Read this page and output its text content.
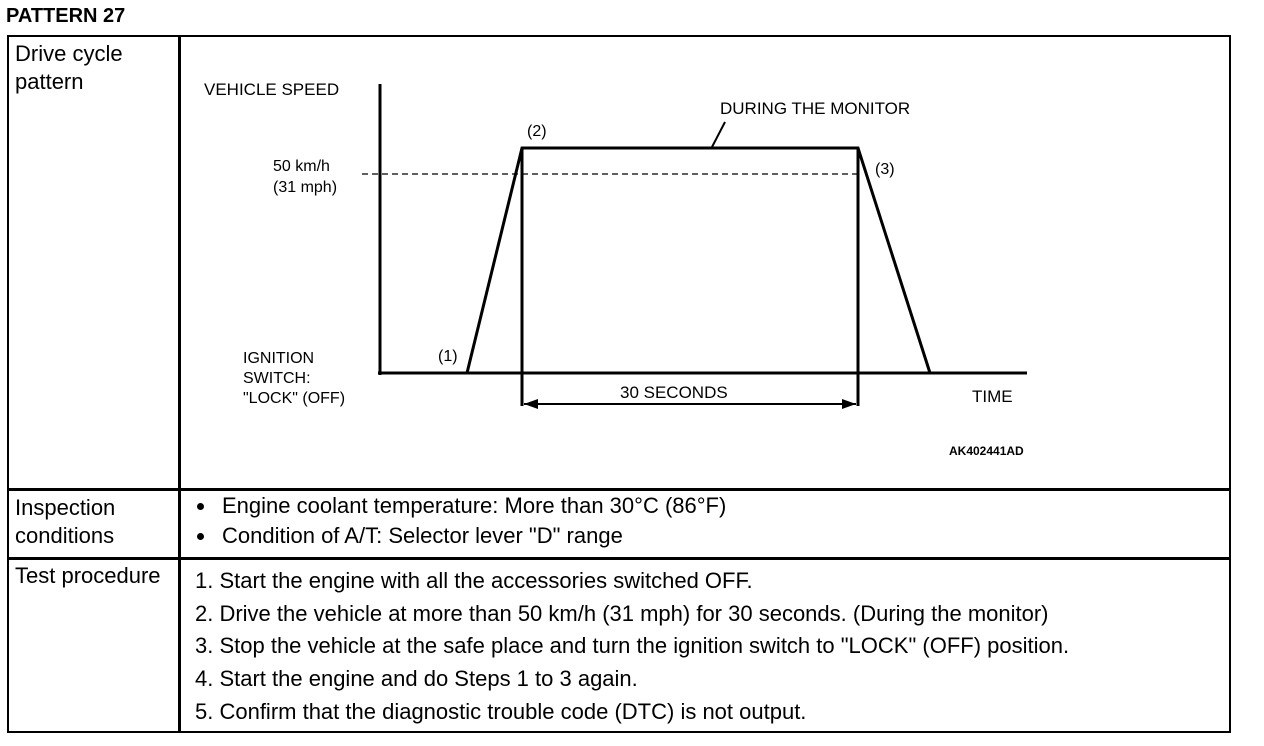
PATTERN 27
Drive cycle pattern
Inspection conditions
Test procedure
VEHICLE SPEED
50 km/h
(31 mph)
IGNITION
SWITCH:
"LOCK" (OFF)
(1)
(2)
(3)
DURING THE MONITOR
30 SECONDS	TIME
AK402441AD
Engine coolant temperature: More than 30°C (86°F)
Condition of A/T: Selector lever "D" range
1. Start the engine with all the accessories switched OFF.
2. Drive the vehicle at more than 50 km/h (31 mph) for 30 seconds. (During the monitor)
3. Stop the vehicle at the safe place and turn the ignition switch to "LOCK" (OFF) position.
4. Start the engine and do Steps 1 to 3 again.
5. Confirm that the diagnostic trouble code (DTC) is not output.
